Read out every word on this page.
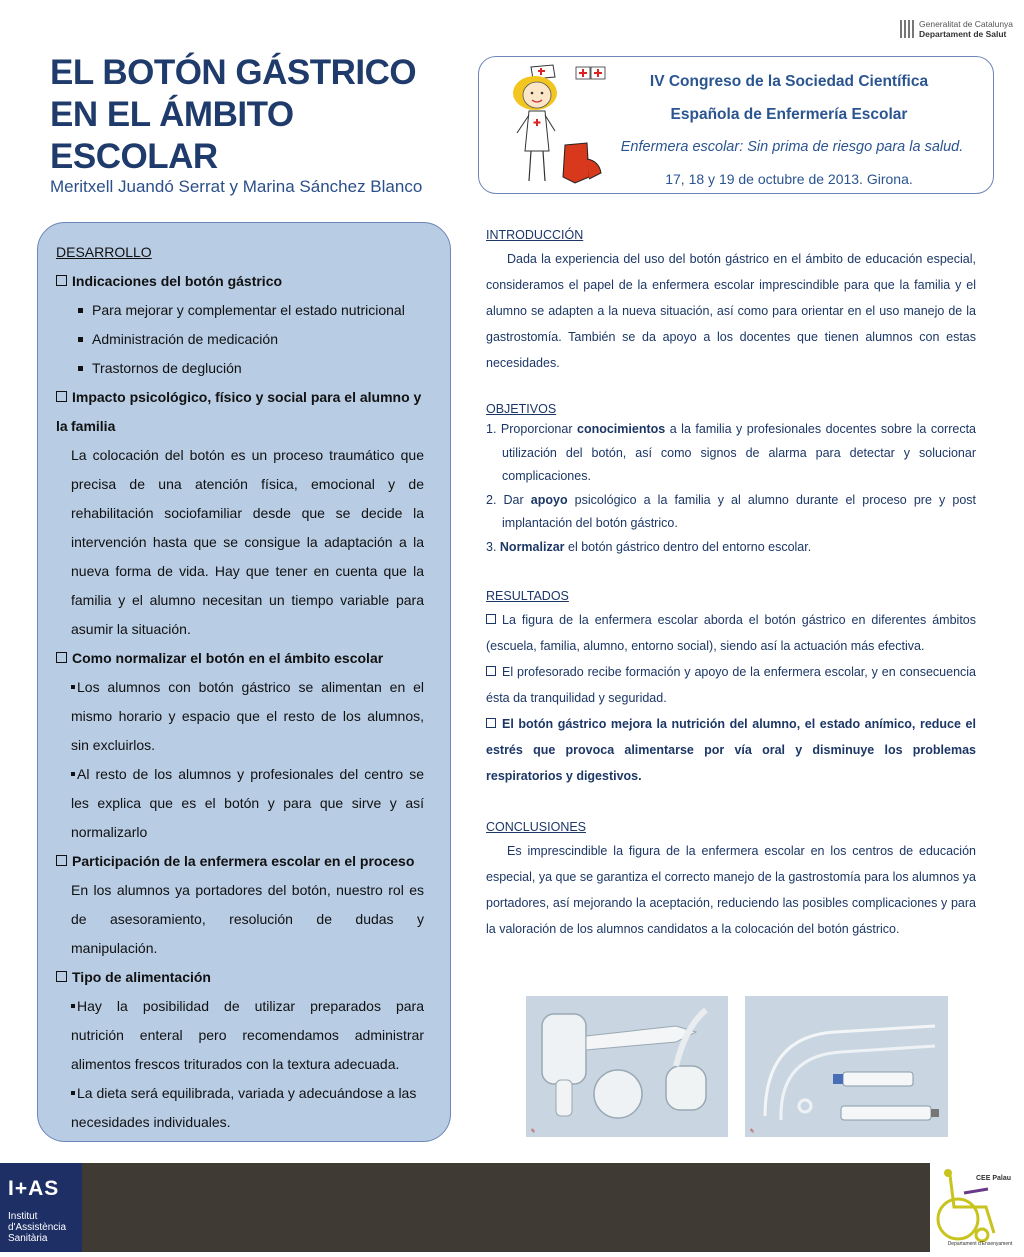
Generalitat de Catalunya
Departament de Salut
EL BOTÓN GÁSTRICO
EN EL ÁMBITO
ESCOLAR
Meritxell Juandó Serrat y Marina Sánchez Blanco
IV Congreso de la Sociedad Científica
Española de Enfermería Escolar
Enfermera escolar: Sin prima de riesgo para la salud.
17, 18 y 19 de octubre de 2013. Girona.
DESARROLLO
Indicaciones del botón gástrico
Para mejorar y complementar el estado nutricional
Administración de medicación
Trastornos de deglución
Impacto psicológico, físico y social para el alumno y la familia
La colocación del botón es un proceso traumático que
precisa de una atención física, emocional y de
rehabilitación sociofamiliar desde que se decide la
intervención hasta que se consigue la adaptación a la
nueva forma de vida. Hay que tener en cuenta que la
familia y el alumno necesitan un tiempo variable para
asumir la situación.
Como normalizar el botón en el ámbito escolar
Los alumnos con botón gástrico se alimentan en el
mismo horario y espacio que el resto de los alumnos,
sin excluirlos.
Al resto de los alumnos y profesionales del centro se
les explica que es el botón y para que sirve y así
normalizarlo
Participación de la enfermera escolar en el proceso
En los alumnos ya portadores del botón, nuestro rol es
de asesoramiento, resolución de dudas y
manipulación.
Tipo de alimentación
Hay la posibilidad de utilizar preparados para
nutrición enteral pero recomendamos administrar
alimentos frescos triturados con la textura adecuada.
La dieta será equilibrada, variada y adecuándose a las
necesidades individuales.
INTRODUCCIÓN
Dada la experiencia del uso del botón gástrico en el ámbito de educación especial, consideramos el papel de la enfermera escolar imprescindible para que la familia y el alumno se adapten a la nueva situación, así como para orientar en el uso manejo de la gastrostomía. También se da apoyo a los docentes que tienen alumnos con estas necesidades.
OBJETIVOS
1. Proporcionar conocimientos a la familia y profesionales docentes sobre la correcta utilización del botón, así como signos de alarma para detectar y solucionar complicaciones.
2. Dar apoyo psicológico a la familia y al alumno durante el proceso pre y post implantación del botón gástrico.
3. Normalizar el botón gástrico dentro del entorno escolar.
RESULTADOS
La figura de la enfermera escolar aborda el botón gástrico en diferentes ámbitos (escuela, familia, alumno, entorno social), siendo así la actuación más efectiva.
El profesorado recibe formación y apoyo de la enfermera escolar, y en consecuencia ésta da tranquilidad y seguridad.
El botón gástrico mejora la nutrición del alumno, el estado anímico, reduce el estrés que provoca alimentarse por vía oral y disminuye los problemas respiratorios y digestivos.
CONCLUSIONES
Es imprescindible la figura de la enfermera escolar en los centros de educación especial, ya que se garantiza el correcto manejo de la gastrostomía para los alumnos ya portadores, así mejorando la aceptación, reduciendo las posibles complicaciones y para la valoración de los alumnos candidatos a la colocación del botón gástrico.
✎	✎
I+AS
Institut
d'Assistència
Sanitària
CEE Palau
Departament d'Ensenyament
